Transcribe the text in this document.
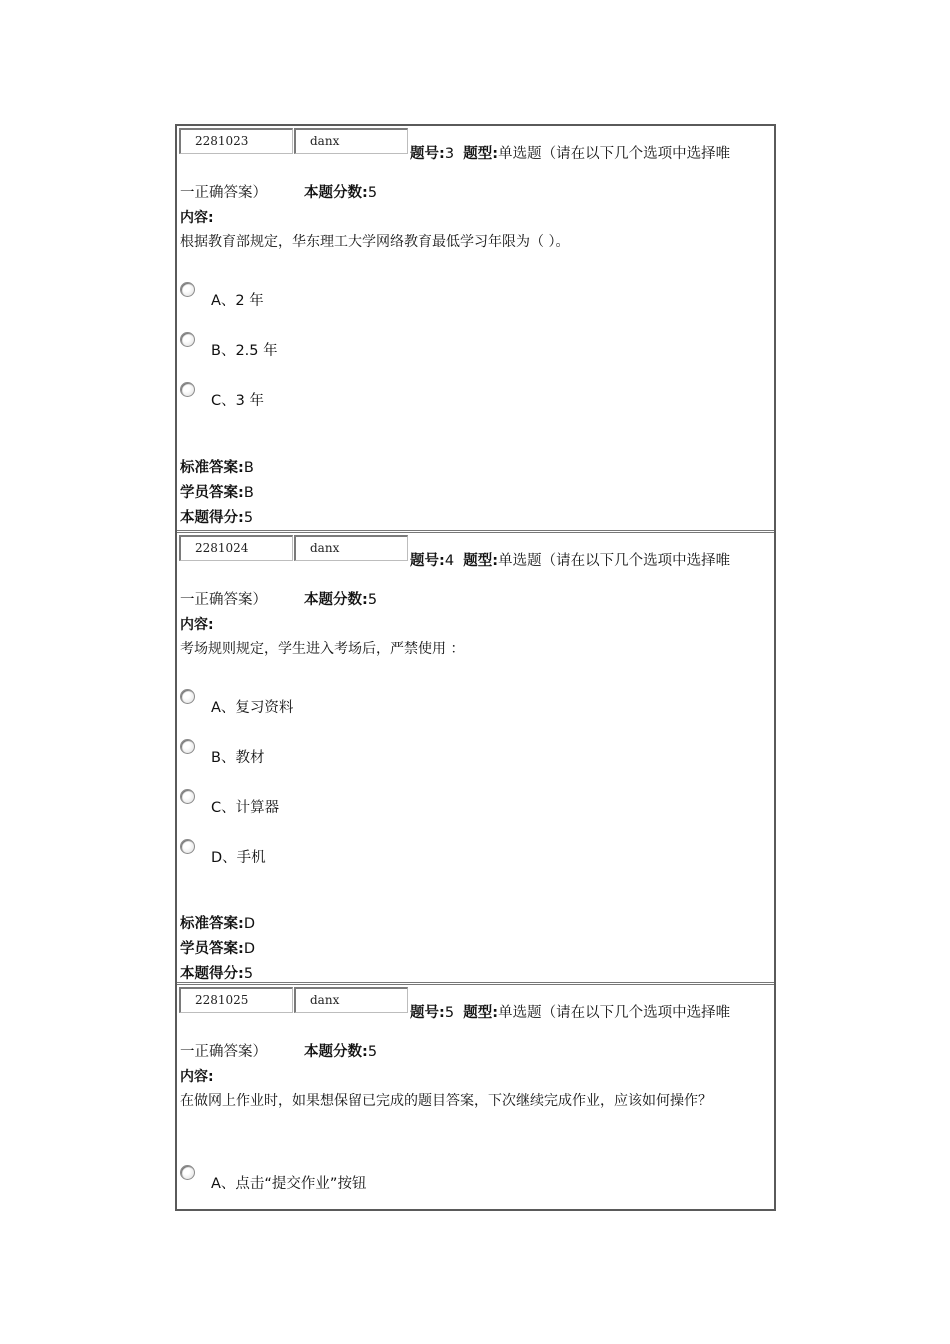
2281023	danx
题号:3 题型:单选题（请在以下几个选项中选择唯
一正确答案）	本题分数:5
内容:
根据教育部规定，华东理工大学网络教育最低学习年限为（ ）。
A、2 年
B、2.5 年
C、3 年
标准答案:B
学员答案:B
本题得分:5
2281024	danx
题号:4 题型:单选题（请在以下几个选项中选择唯
一正确答案）	本题分数:5
内容:
考场规则规定，学生进入考场后，严禁使用 ：
A、复习资料
B、教材
C、计算器
D、手机
标准答案:D
学员答案:D
本题得分:5
2281025	danx
题号:5 题型:单选题（请在以下几个选项中选择唯
一正确答案）	本题分数:5
内容:
在做网上作业时，如果想保留已完成的题目答案，下次继续完成作业，应该如何操作？
A、点击“提交作业”按钮
